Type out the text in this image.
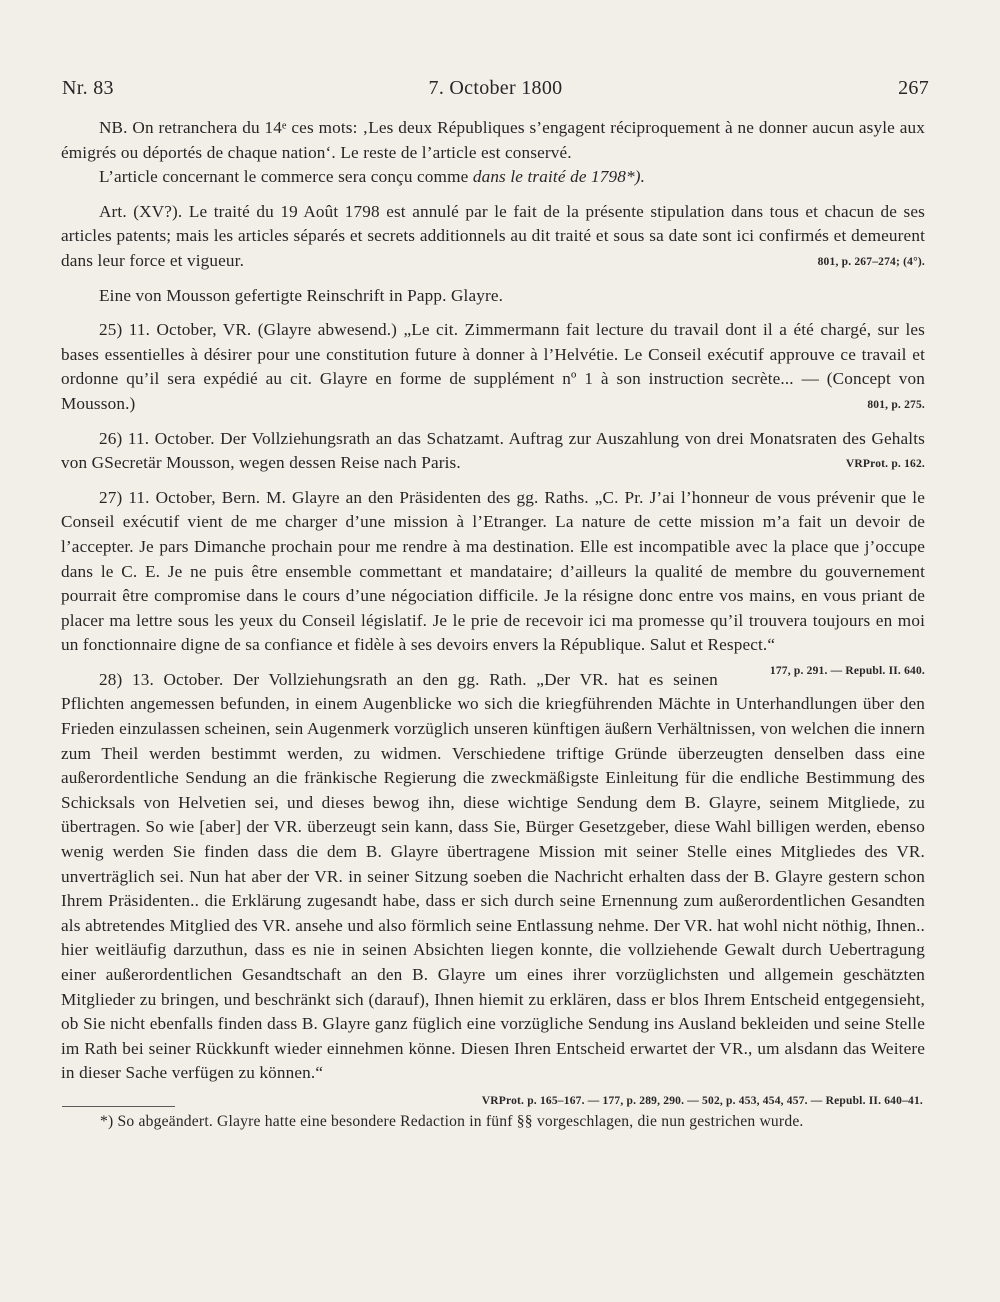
Nr. 83	7. October 1800	267

NB. On retranchera du 14ᵉ ces mots: ‚Les deux Républiques s’engagent réciproquement à ne donner aucun asyle aux émigrés ou déportés de chaque nation‘. Le reste de l’article est conservé.

L’article concernant le commerce sera conçu comme dans le traité de 1798*).

Art. (XV?). Le traité du 19 Août 1798 est annulé par le fait de la présente stipulation dans tous et chacun de ses articles patents; mais les articles séparés et secrets additionnels au dit traité et sous sa date sont ici confirmés et demeurent dans leur force et vigueur.	801, p. 267–274; (4°).

Eine von Mousson gefertigte Reinschrift in Papp. Glayre.

25) 11. October, VR. (Glayre abwesend.) „Le cit. Zimmermann fait lecture du travail dont il a été chargé, sur les bases essentielles à désirer pour une constitution future à donner à l’Helvétie. Le Conseil exécutif approuve ce travail et ordonne qu’il sera expédié au cit. Glayre en forme de supplément nº 1 à son instruction secrète... — (Concept von Mousson.)	801, p. 275.

26) 11. October. Der Vollziehungsrath an das Schatzamt. Auftrag zur Auszahlung von drei Monatsraten des Gehalts von GSecretär Mousson, wegen dessen Reise nach Paris.	VRProt. p. 162.

27) 11. October, Bern. M. Glayre an den Präsidenten des gg. Raths. „C. Pr. J’ai l’honneur de vous prévenir que le Conseil exécutif vient de me charger d’une mission à l’Etranger. La nature de cette mission m’a fait un devoir de l’accepter. Je pars Dimanche prochain pour me rendre à ma destination. Elle est incompatible avec la place que j’occupe dans le C. E. Je ne puis être ensemble commettant et mandataire; d’ailleurs la qualité de membre du gouvernement pourrait être compromise dans le cours d’une négociation difficile. Je la résigne donc entre vos mains, en vous priant de placer ma lettre sous les yeux du Conseil législatif. Je le prie de recevoir ici ma promesse qu’il trouvera toujours en moi un fonctionnaire digne de sa confiance et fidèle à ses devoirs envers la République. Salut et Respect.“
177, p. 291. — Republ. II. 640.

28) 13. October. Der Vollziehungsrath an den gg. Rath. „Der VR. hat es seinen Pflichten angemessen befunden, in einem Augenblicke wo sich die kriegführenden Mächte in Unterhandlungen über den Frieden einzulassen scheinen, sein Augenmerk vorzüglich unseren künftigen äußern Verhältnissen, von welchen die innern zum Theil werden bestimmt werden, zu widmen. Verschiedene triftige Gründe überzeugten denselben dass eine außerordentliche Sendung an die fränkische Regierung die zweckmäßigste Einleitung für die endliche Bestimmung des Schicksals von Helvetien sei, und dieses bewog ihn, diese wichtige Sendung dem B. Glayre, seinem Mitgliede, zu übertragen. So wie [aber] der VR. überzeugt sein kann, dass Sie, Bürger Gesetzgeber, diese Wahl billigen werden, ebenso wenig werden Sie finden dass die dem B. Glayre übertragene Mission mit seiner Stelle eines Mitgliedes des VR. unverträglich sei. Nun hat aber der VR. in seiner Sitzung soeben die Nachricht erhalten dass der B. Glayre gestern schon Ihrem Präsidenten.. die Erklärung zugesandt habe, dass er sich durch seine Ernennung zum außerordentlichen Gesandten als abtretendes Mitglied des VR. ansehe und also förmlich seine Entlassung nehme. Der VR. hat wohl nicht nöthig, Ihnen.. hier weitläufig darzuthun, dass es nie in seinen Absichten liegen konnte, die vollziehende Gewalt durch Uebertragung einer außerordentlichen Gesandtschaft an den B. Glayre um eines ihrer vorzüglichsten und allgemein geschätzten Mitglieder zu bringen, und beschränkt sich (darauf), Ihnen hiemit zu erklären, dass er blos Ihrem Entscheid entgegensieht, ob Sie nicht ebenfalls finden dass B. Glayre ganz füglich eine vorzügliche Sendung ins Ausland bekleiden und seine Stelle im Rath bei seiner Rückkunft wieder einnehmen könne. Diesen Ihren Entscheid erwartet der VR., um alsdann das Weitere in dieser Sache verfügen zu können.“

VRProt. p. 165–167. — 177, p. 289, 290. — 502, p. 453, 454, 457. — Republ. II. 640–41.
*) So abgeändert. Glayre hatte eine besondere Redaction in fünf §§ vorgeschlagen, die nun gestrichen wurde.
